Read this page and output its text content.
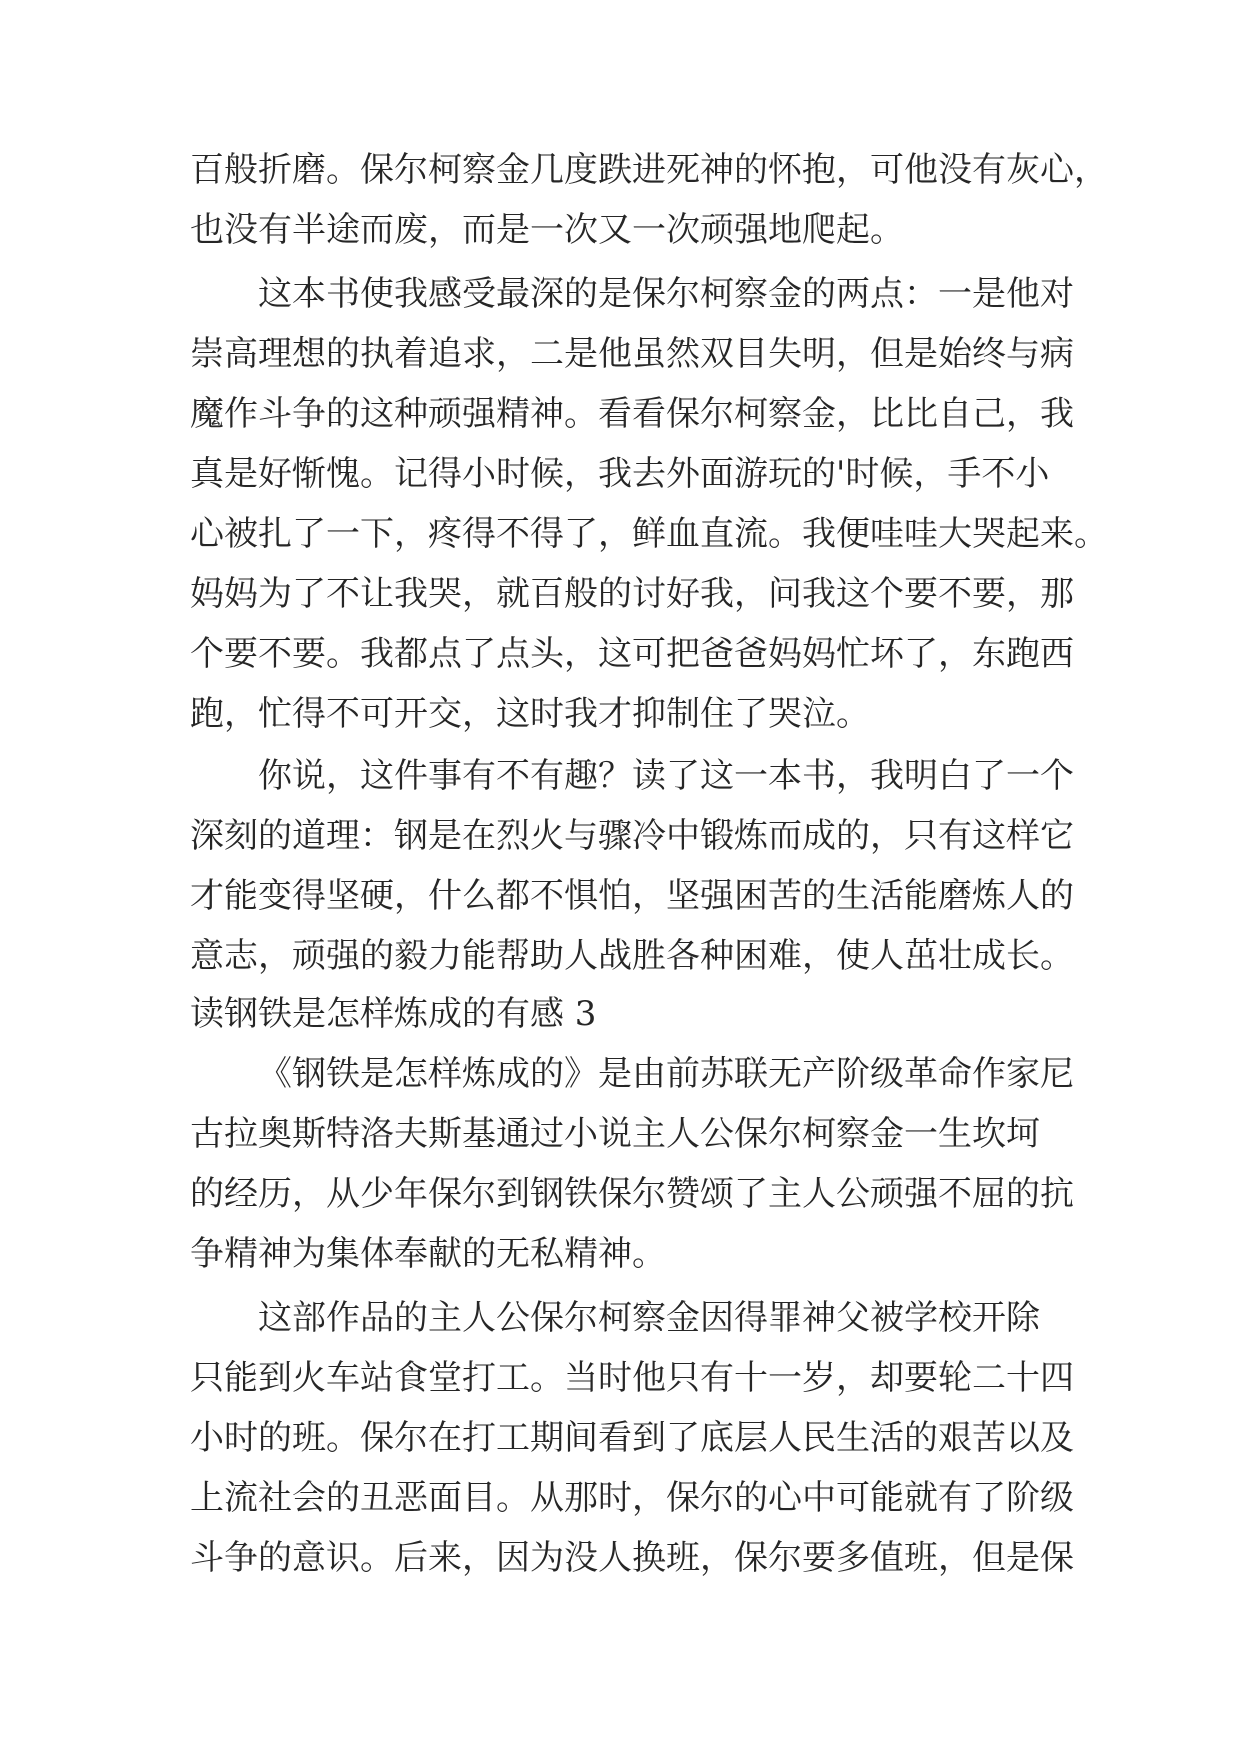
百般折磨。保尔柯察金几度跌进死神的怀抱，可他没有灰心，
也没有半途而废，而是一次又一次顽强地爬起。
这本书使我感受最深的是保尔柯察金的两点：一是他对
崇高理想的执着追求，二是他虽然双目失明，但是始终与病
魔作斗争的这种顽强精神。看看保尔柯察金，比比自己，我
真是好惭愧。记得小时候，我去外面游玩的'时候，手不小
心被扎了一下，疼得不得了，鲜血直流。我便哇哇大哭起来。
妈妈为了不让我哭，就百般的讨好我，问我这个要不要，那
个要不要。我都点了点头，这可把爸爸妈妈忙坏了，东跑西
跑，忙得不可开交，这时我才抑制住了哭泣。
你说，这件事有不有趣？读了这一本书，我明白了一个
深刻的道理：钢是在烈火与骤冷中锻炼而成的，只有这样它
才能变得坚硬，什么都不惧怕，坚强困苦的生活能磨炼人的
意志，顽强的毅力能帮助人战胜各种困难，使人茁壮成长。
读钢铁是怎样炼成的有感 3
《钢铁是怎样炼成的》是由前苏联无产阶级革命作家尼
古拉奥斯特洛夫斯基通过小说主人公保尔柯察金一生坎坷
的经历，从少年保尔到钢铁保尔赞颂了主人公顽强不屈的抗
争精神为集体奉献的无私精神。
这部作品的主人公保尔柯察金因得罪神父被学校开除
只能到火车站食堂打工。当时他只有十一岁，却要轮二十四
小时的班。保尔在打工期间看到了底层人民生活的艰苦以及
上流社会的丑恶面目。从那时，保尔的心中可能就有了阶级
斗争的意识。后来，因为没人换班，保尔要多值班，但是保
